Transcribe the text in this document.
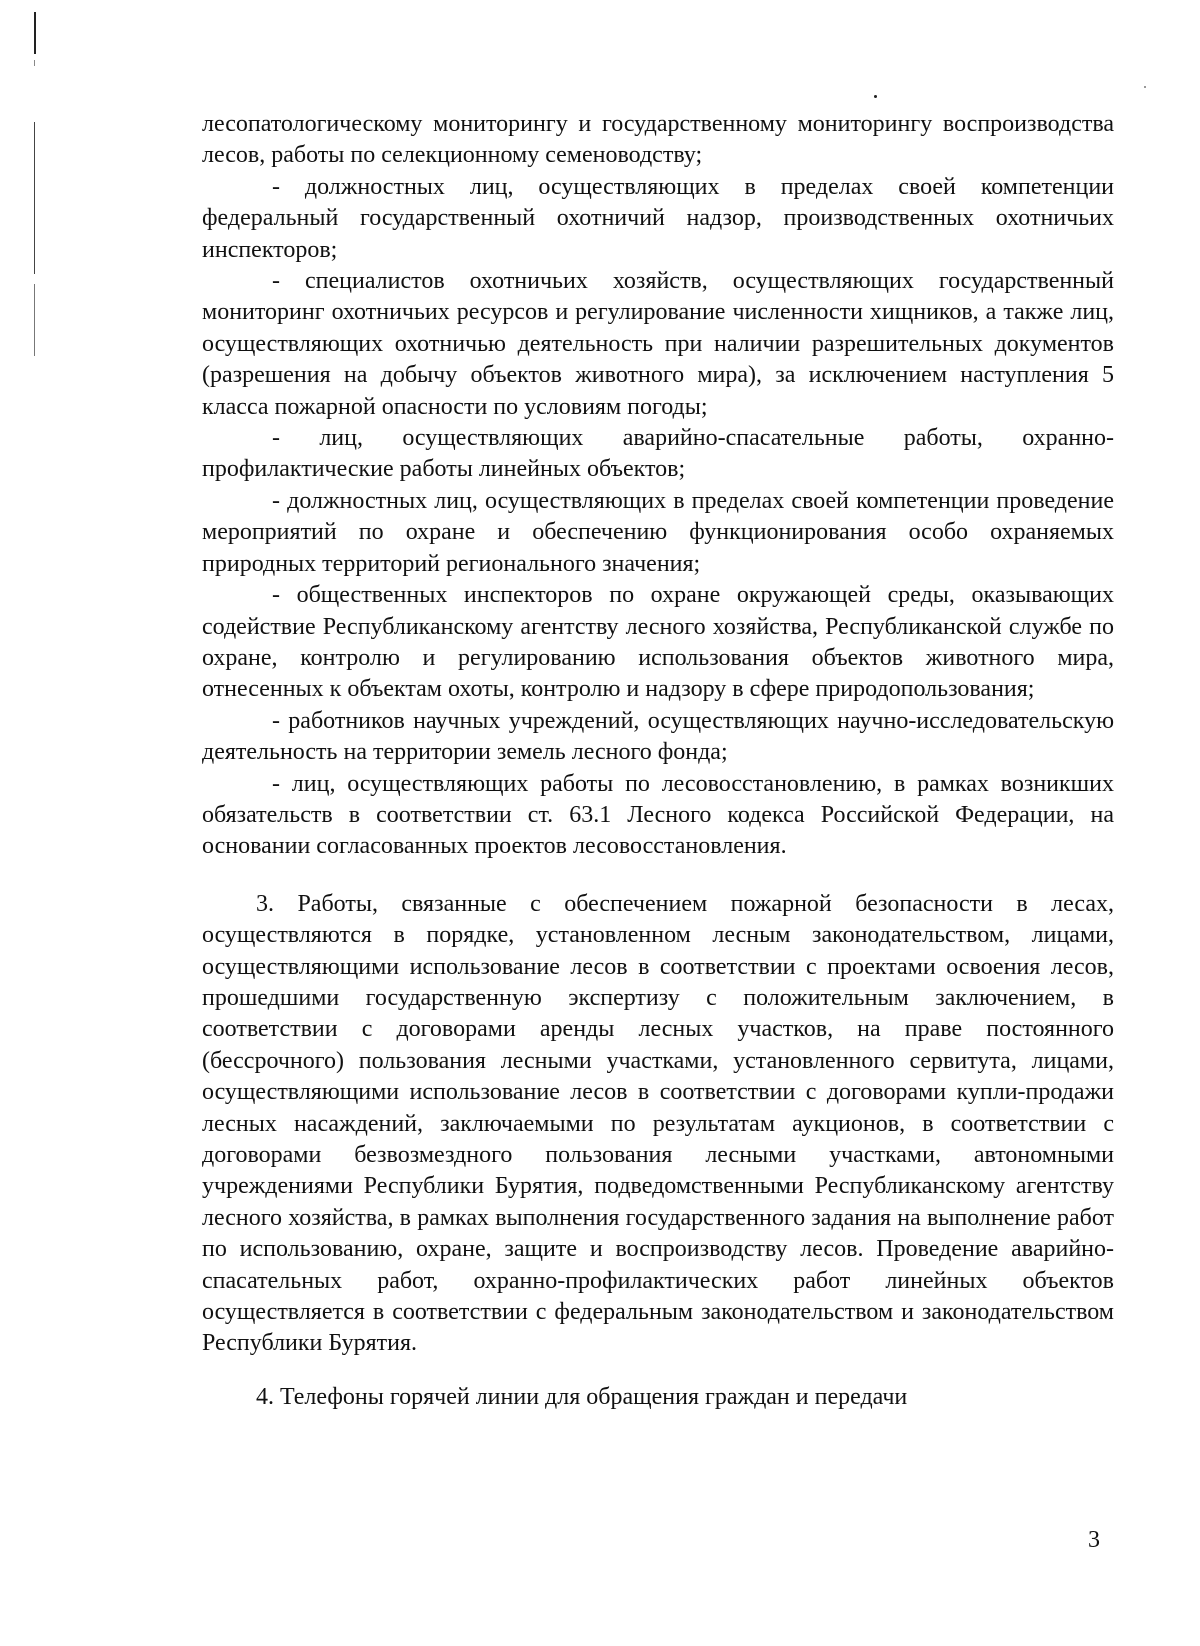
лесопатологическому мониторингу и государственному мониторингу воспроизводства лесов, работы по селекционному семеноводству;

- должностных лиц, осуществляющих в пределах своей компетенции федеральный государственный охотничий надзор, производственных охотничьих инспекторов;

- специалистов охотничьих хозяйств, осуществляющих государственный мониторинг охотничьих ресурсов и регулирование численности хищников, а также лиц, осуществляющих охотничью деятельность при наличии разрешительных документов (разрешения на добычу объектов животного мира), за исключением наступления 5 класса пожарной опасности по условиям погоды;

- лиц, осуществляющих аварийно-спасательные работы, охранно-профилактические работы линейных объектов;

- должностных лиц, осуществляющих в пределах своей компетенции проведение мероприятий по охране и обеспечению функционирования особо охраняемых природных территорий регионального значения;

- общественных инспекторов по охране окружающей среды, оказывающих содействие Республиканскому агентству лесного хозяйства, Республиканской службе по охране, контролю и регулированию использования объектов животного мира, отнесенных к объектам охоты, контролю и надзору в сфере природопользования;

- работников научных учреждений, осуществляющих научно-исследовательскую деятельность на территории земель лесного фонда;

- лиц, осуществляющих работы по лесовосстановлению, в рамках возникших обязательств в соответствии ст. 63.1 Лесного кодекса Российской Федерации, на основании согласованных проектов лесовосстановления.

3. Работы, связанные с обеспечением пожарной безопасности в лесах, осуществляются в порядке, установленном лесным законодательством, лицами, осуществляющими использование лесов в соответствии с проектами освоения лесов, прошедшими государственную экспертизу с положительным заключением, в соответствии с договорами аренды лесных участков, на праве постоянного (бессрочного) пользования лесными участками, установленного сервитута, лицами, осуществляющими использование лесов в соответствии с договорами купли-продажи лесных насаждений, заключаемыми по результатам аукционов, в соответствии с договорами безвозмездного пользования лесными участками, автономными учреждениями Республики Бурятия, подведомственными Республиканскому агентству лесного хозяйства, в рамках выполнения государственного задания на выполнение работ по использованию, охране, защите и воспроизводству лесов. Проведение аварийно-спасательных работ, охранно-профилактических работ линейных объектов осуществляется в соответствии с федеральным законодательством и законодательством Республики Бурятия.

4. Телефоны горячей линии для обращения граждан и передачи

3
